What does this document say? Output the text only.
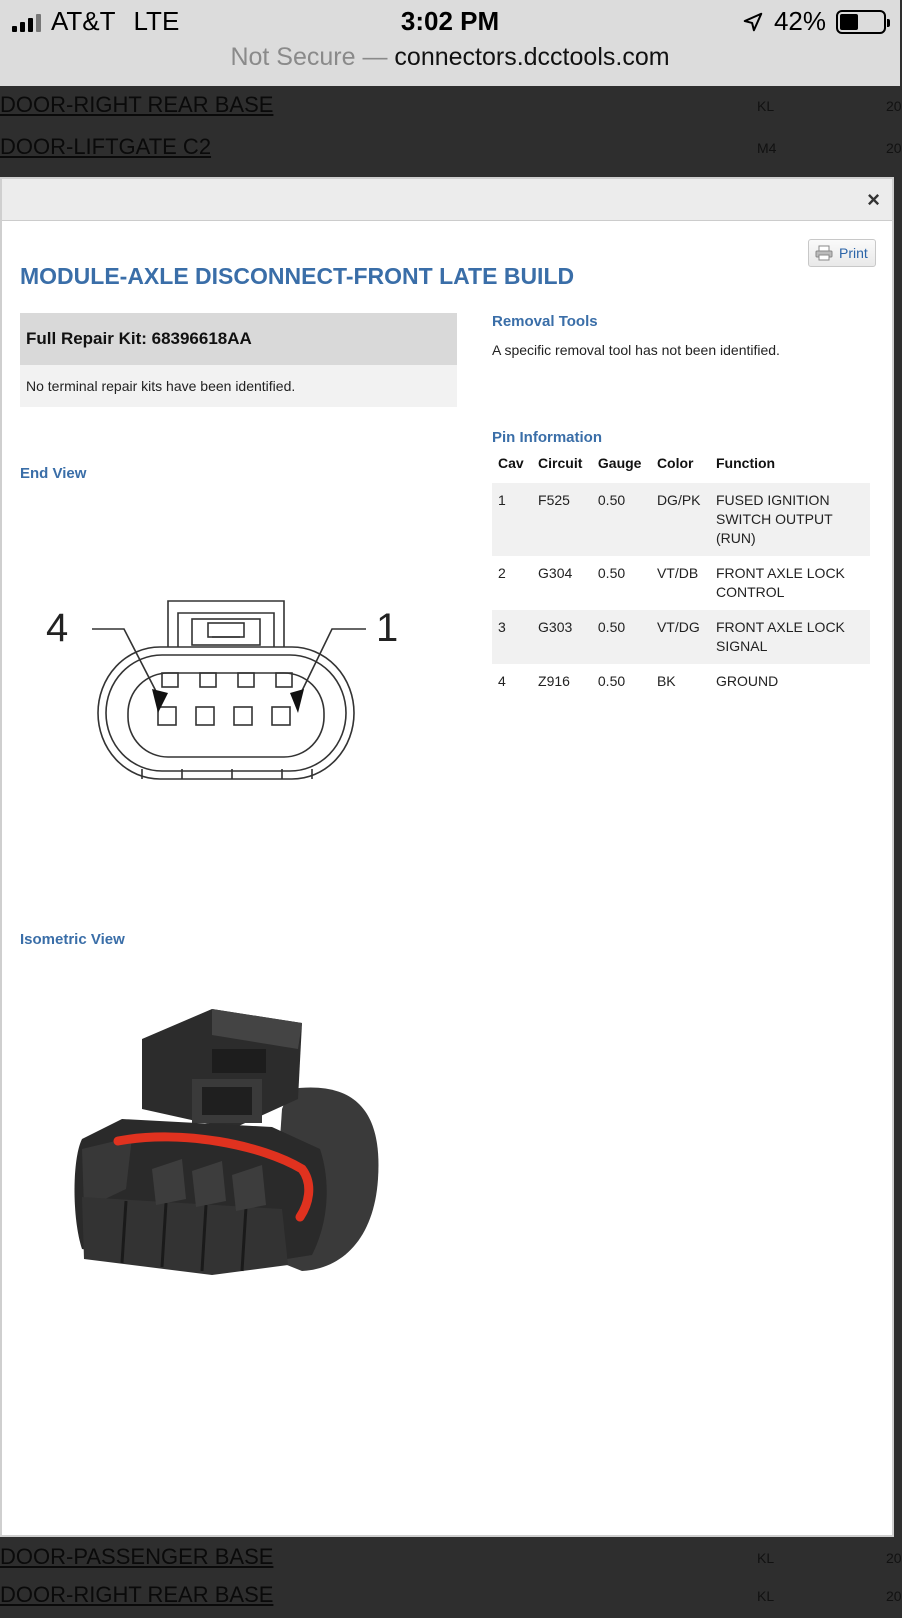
AT&T LTE	3:02 PM	42%
Not Secure — connectors.dcctools.com
DOOR-RIGHT REAR BASE	KL	20
DOOR-LIFTGATE C2	M4	20
DOOR-PASSENGER BASE	KL	20
DOOR-RIGHT REAR BASE	KL	20
×
Print
MODULE-AXLE DISCONNECT-FRONT LATE BUILD
Full Repair Kit: 68396618AA
No terminal repair kits have been identified.
Removal Tools
A specific removal tool has not been identified.
Pin Information
Cav	Circuit	Gauge	Color	Function
1	F525	0.50	DG/PK	FUSED IGNITION SWITCH OUTPUT (RUN)
2	G304	0.50	VT/DB	FRONT AXLE LOCK CONTROL
3	G303	0.50	VT/DG	FRONT AXLE LOCK SIGNAL
4	Z916	0.50	BK	GROUND
End View
4	1
Isometric View
